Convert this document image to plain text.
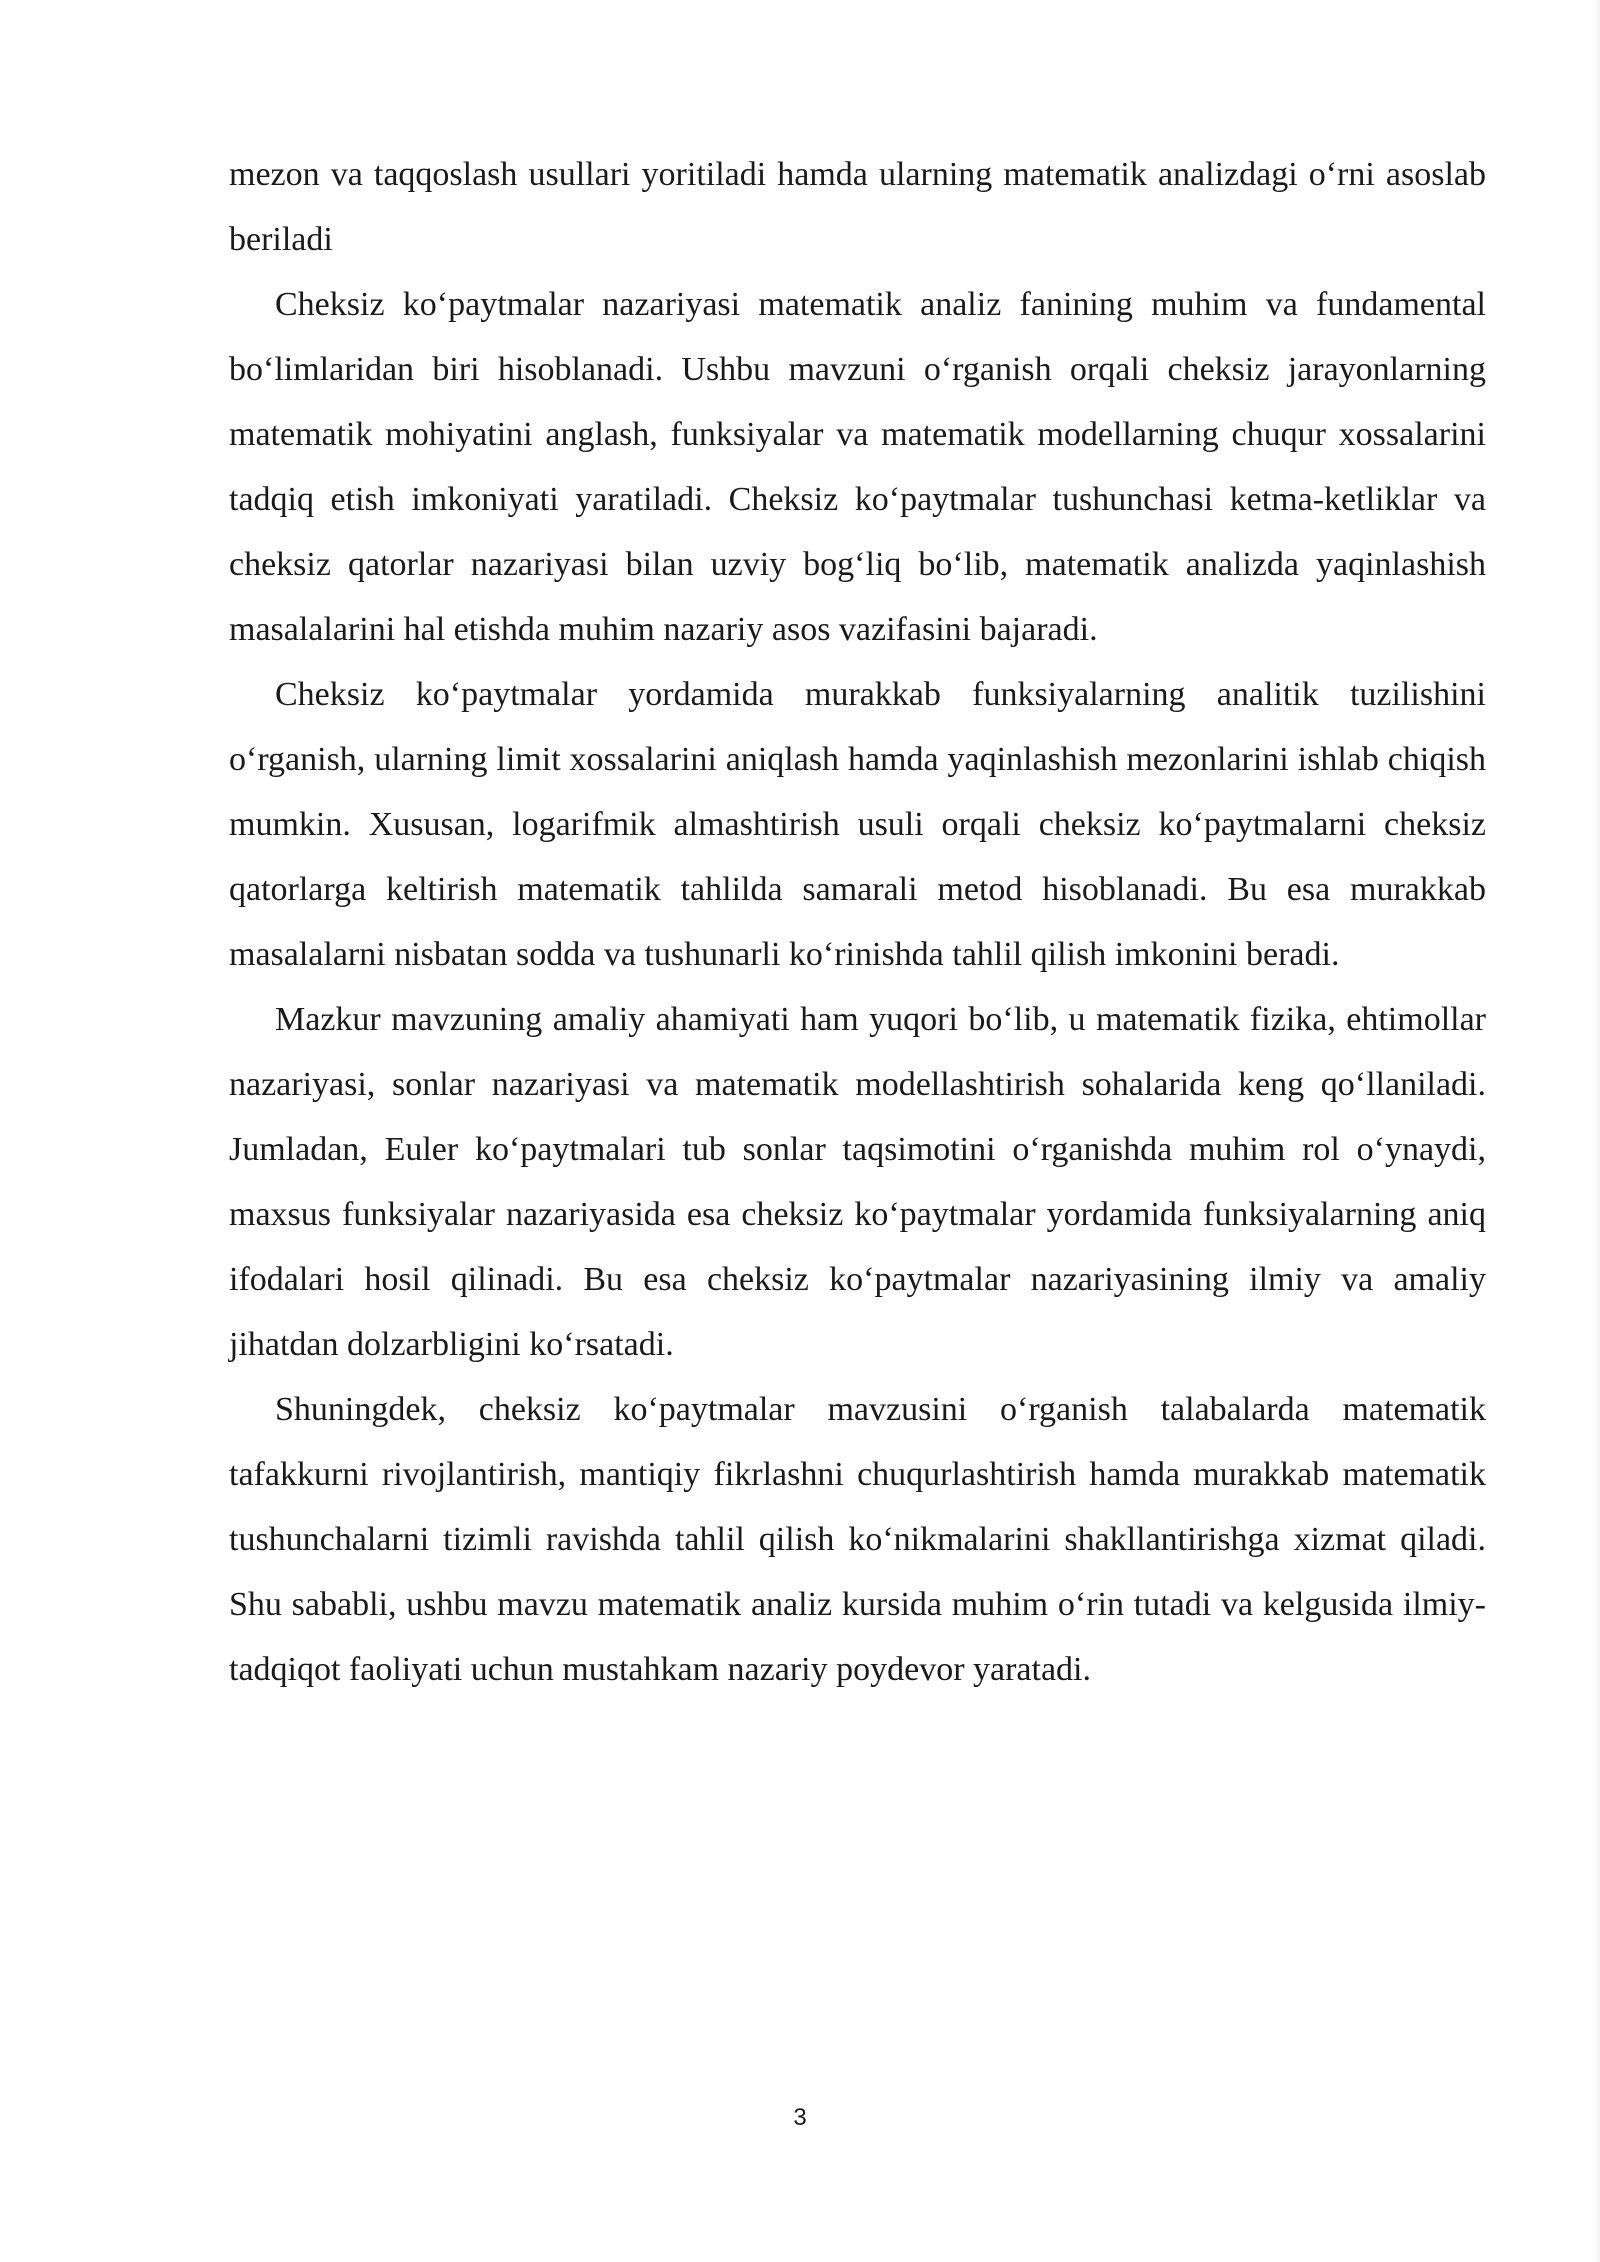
mezon va taqqoslash usullari yoritiladi hamda ularning matematik analizdagi o‘rni asoslab beriladi

Cheksiz ko‘paytmalar nazariyasi matematik analiz fanining muhim va fundamental bo‘limlaridan biri hisoblanadi. Ushbu mavzuni o‘rganish orqali cheksiz jarayonlarning matematik mohiyatini anglash, funksiyalar va matematik modellarning chuqur xossalarini tadqiq etish imkoniyati yaratiladi. Cheksiz ko‘paytmalar tushunchasi ketma-ketliklar va cheksiz qatorlar nazariyasi bilan uzviy bog‘liq bo‘lib, matematik analizda yaqinlashish masalalarini hal etishda muhim nazariy asos vazifasini bajaradi.

Cheksiz ko‘paytmalar yordamida murakkab funksiyalarning analitik tuzilishini o‘rganish, ularning limit xossalarini aniqlash hamda yaqinlashish mezonlarini ishlab chiqish mumkin. Xususan, logarifmik almashtirish usuli orqali cheksiz ko‘paytmalarni cheksiz qatorlarga keltirish matematik tahlilda samarali metod hisoblanadi. Bu esa murakkab masalalarni nisbatan sodda va tushunarli ko‘rinishda tahlil qilish imkonini beradi.

Mazkur mavzuning amaliy ahamiyati ham yuqori bo‘lib, u matematik fizika, ehtimollar nazariyasi, sonlar nazariyasi va matematik modellashtirish sohalarida keng qo‘llaniladi. Jumladan, Euler ko‘paytmalari tub sonlar taqsimotini o‘rganishda muhim rol o‘ynaydi, maxsus funksiyalar nazariyasida esa cheksiz ko‘paytmalar yordamida funksiyalarning aniq ifodalari hosil qilinadi. Bu esa cheksiz ko‘paytmalar nazariyasining ilmiy va amaliy jihatdan dolzarbligini ko‘rsatadi.

Shuningdek, cheksiz ko‘paytmalar mavzusini o‘rganish talabalarda matematik tafakkurni rivojlantirish, mantiqiy fikrlashni chuqurlashtirish hamda murakkab matematik tushunchalarni tizimli ravishda tahlil qilish ko‘nikmalarini shakllantirishga xizmat qiladi. Shu sababli, ushbu mavzu matematik analiz kursida muhim o‘rin tutadi va kelgusida ilmiy-tadqiqot faoliyati uchun mustahkam nazariy poydevor yaratadi.

3
